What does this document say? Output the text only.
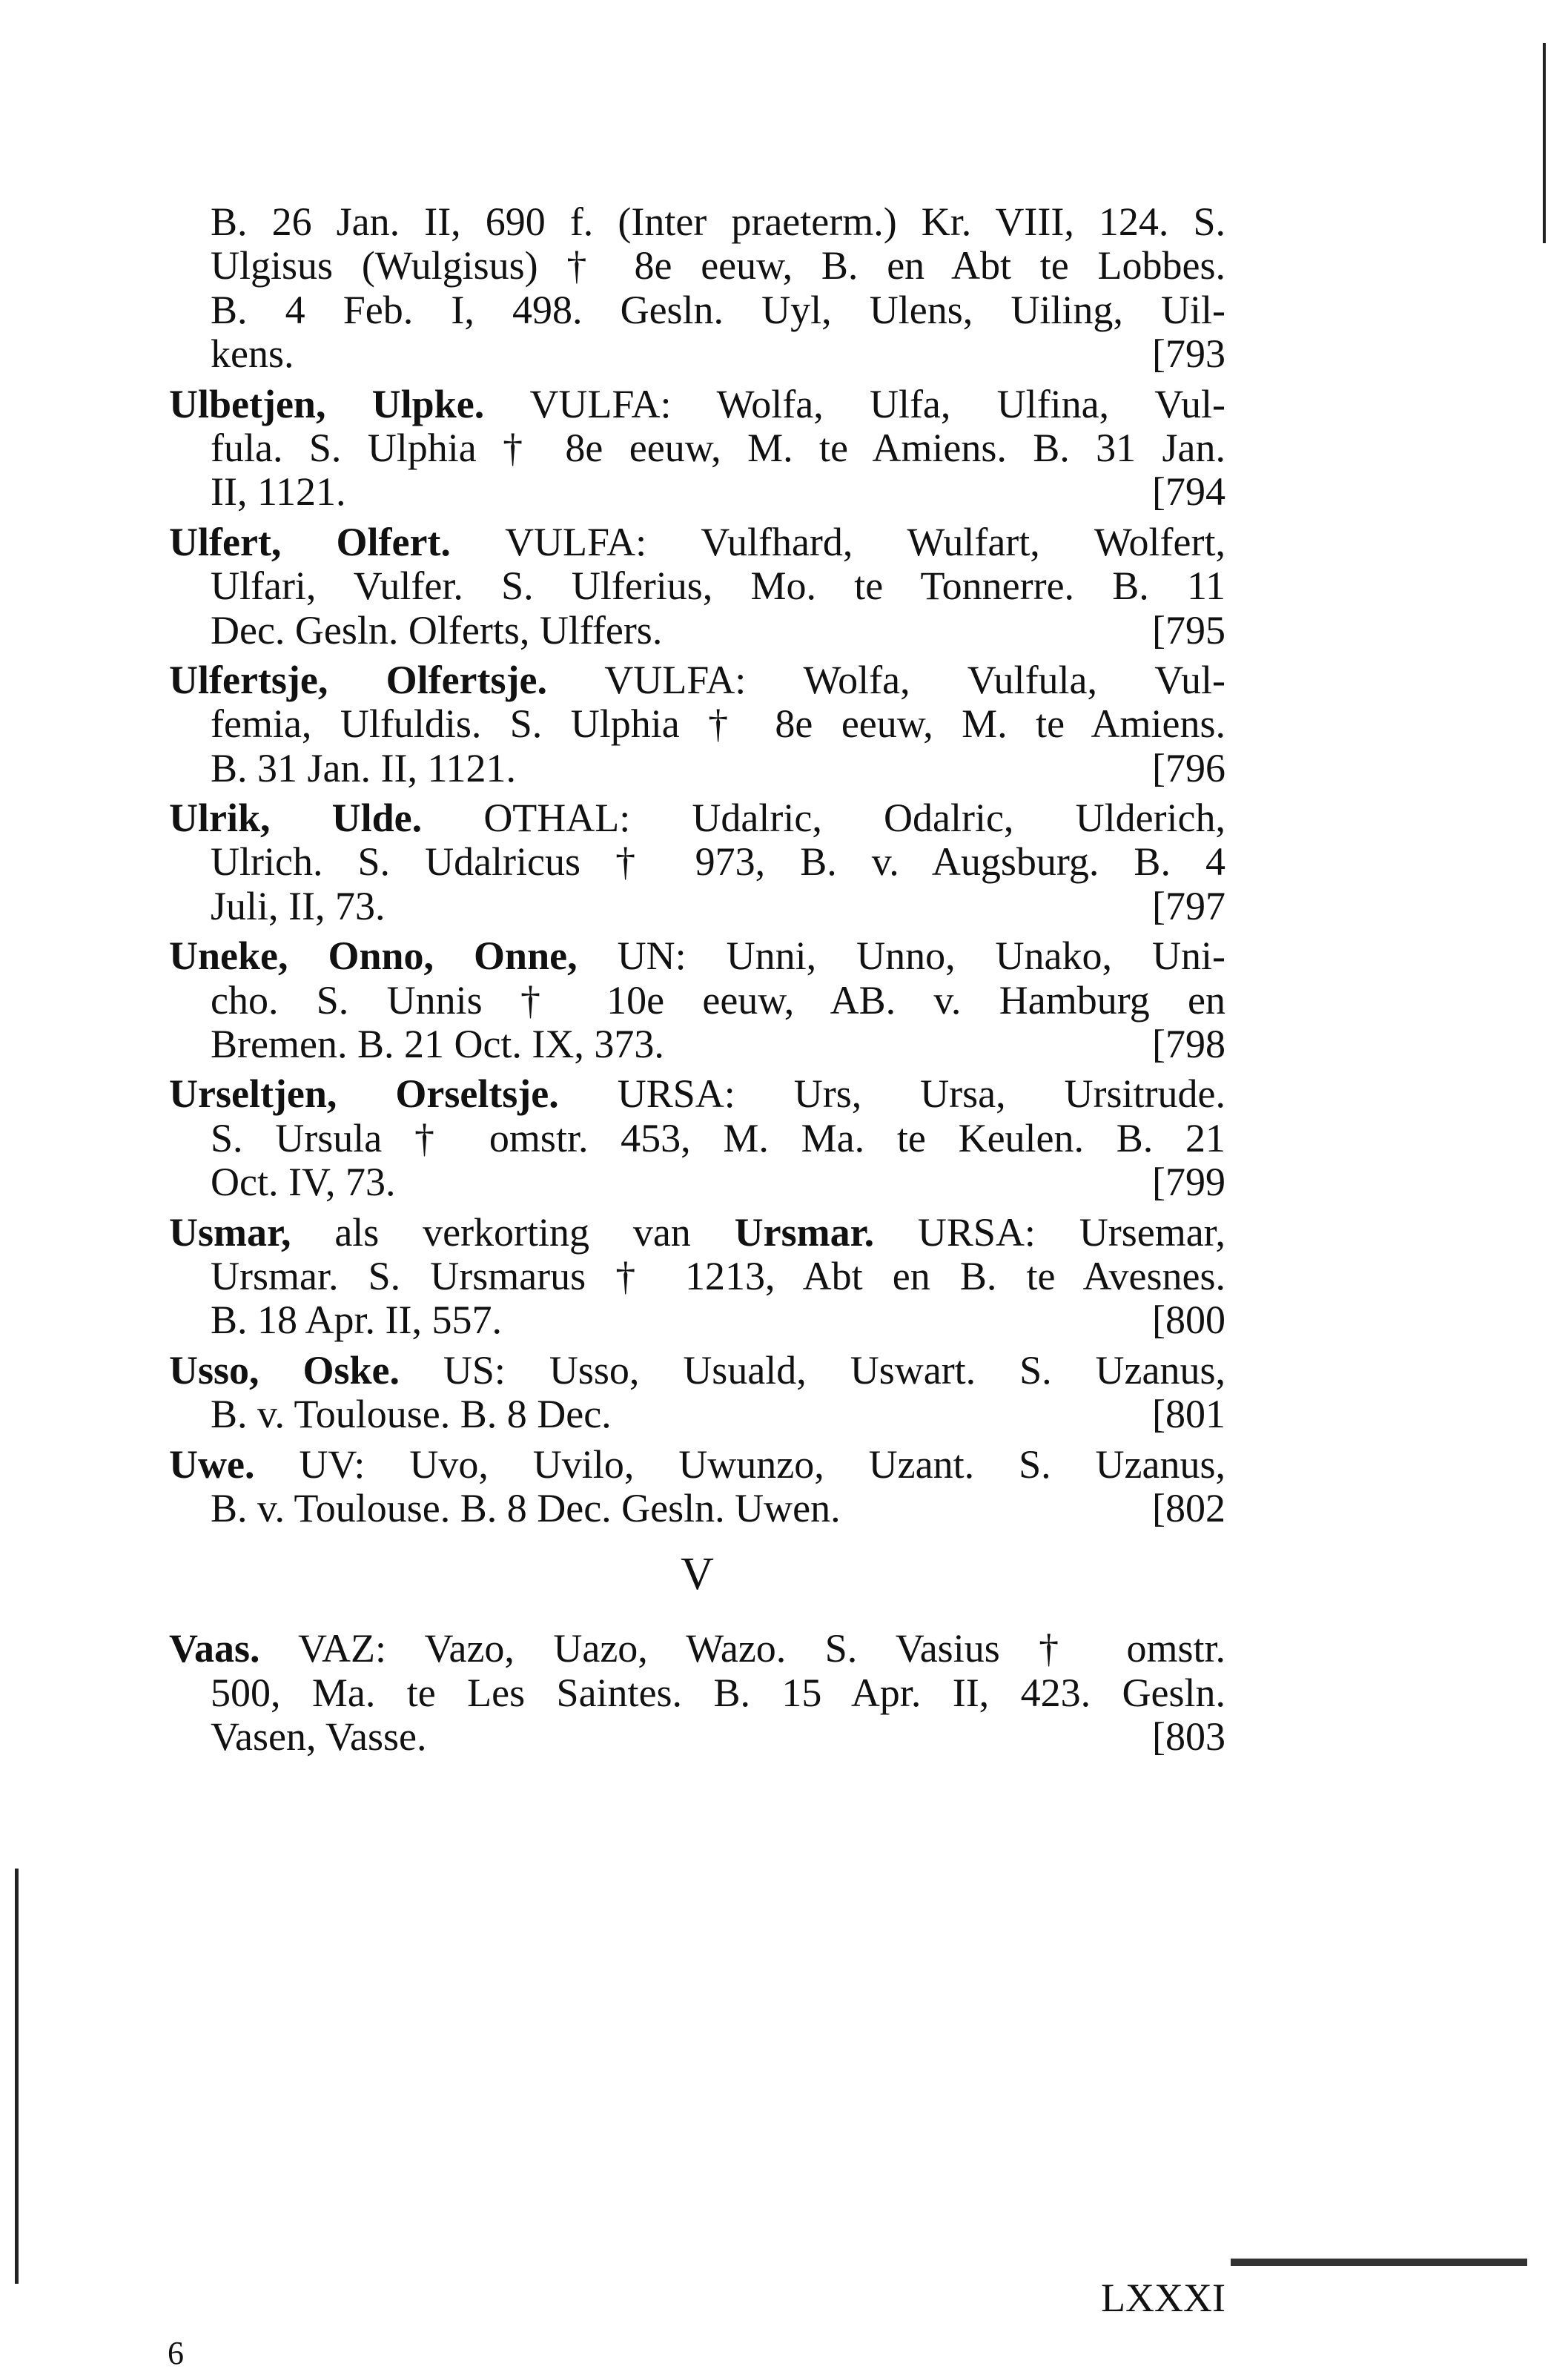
B. 26 Jan. II, 690 f. (Inter praeterm.) Kr. VIII, 124. S.
Ulgisus (Wulgisus) † 8e eeuw, B. en Abt te Lobbes.
B. 4 Feb. I, 498. Gesln. Uyl, Ulens, Uiling, Uil-
kens.	[793
Ulbetjen, Ulpke. VULFA: Wolfa, Ulfa, Ulfina, Vul-
fula. S. Ulphia † 8e eeuw, M. te Amiens. B. 31 Jan.
II, 1121.	[794
Ulfert, Olfert. VULFA: Vulfhard, Wulfart, Wolfert,
Ulfari, Vulfer. S. Ulferius, Mo. te Tonnerre. B. 11
Dec. Gesln. Olferts, Ulffers.	[795
Ulfertsje, Olfertsje. VULFA: Wolfa, Vulfula, Vul-
femia, Ulfuldis. S. Ulphia † 8e eeuw, M. te Amiens.
B. 31 Jan. II, 1121.	[796
Ulrik, Ulde. OTHAL: Udalric, Odalric, Ulderich,
Ulrich. S. Udalricus † 973, B. v. Augsburg. B. 4
Juli, II, 73.	[797
Uneke, Onno, Onne, UN: Unni, Unno, Unako, Uni-
cho. S. Unnis † 10e eeuw, AB. v. Hamburg en
Bremen. B. 21 Oct. IX, 373.	[798
Urseltjen, Orseltsje. URSA: Urs, Ursa, Ursitrude.
S. Ursula † omstr. 453, M. Ma. te Keulen. B. 21
Oct. IV, 73.	[799
Usmar, als verkorting van Ursmar. URSA: Ursemar,
Ursmar. S. Ursmarus † 1213, Abt en B. te Avesnes.
B. 18 Apr. II, 557.	[800
Usso, Oske. US: Usso, Usuald, Uswart. S. Uzanus,
B. v. Toulouse. B. 8 Dec.	[801
Uwe. UV: Uvo, Uvilo, Uwunzo, Uzant. S. Uzanus,
B. v. Toulouse. B. 8 Dec. Gesln. Uwen.	[802
V
Vaas. VAZ: Vazo, Uazo, Wazo. S. Vasius † omstr.
500, Ma. te Les Saintes. B. 15 Apr. II, 423. Gesln.
Vasen, Vasse.	[803
LXXXI
6
